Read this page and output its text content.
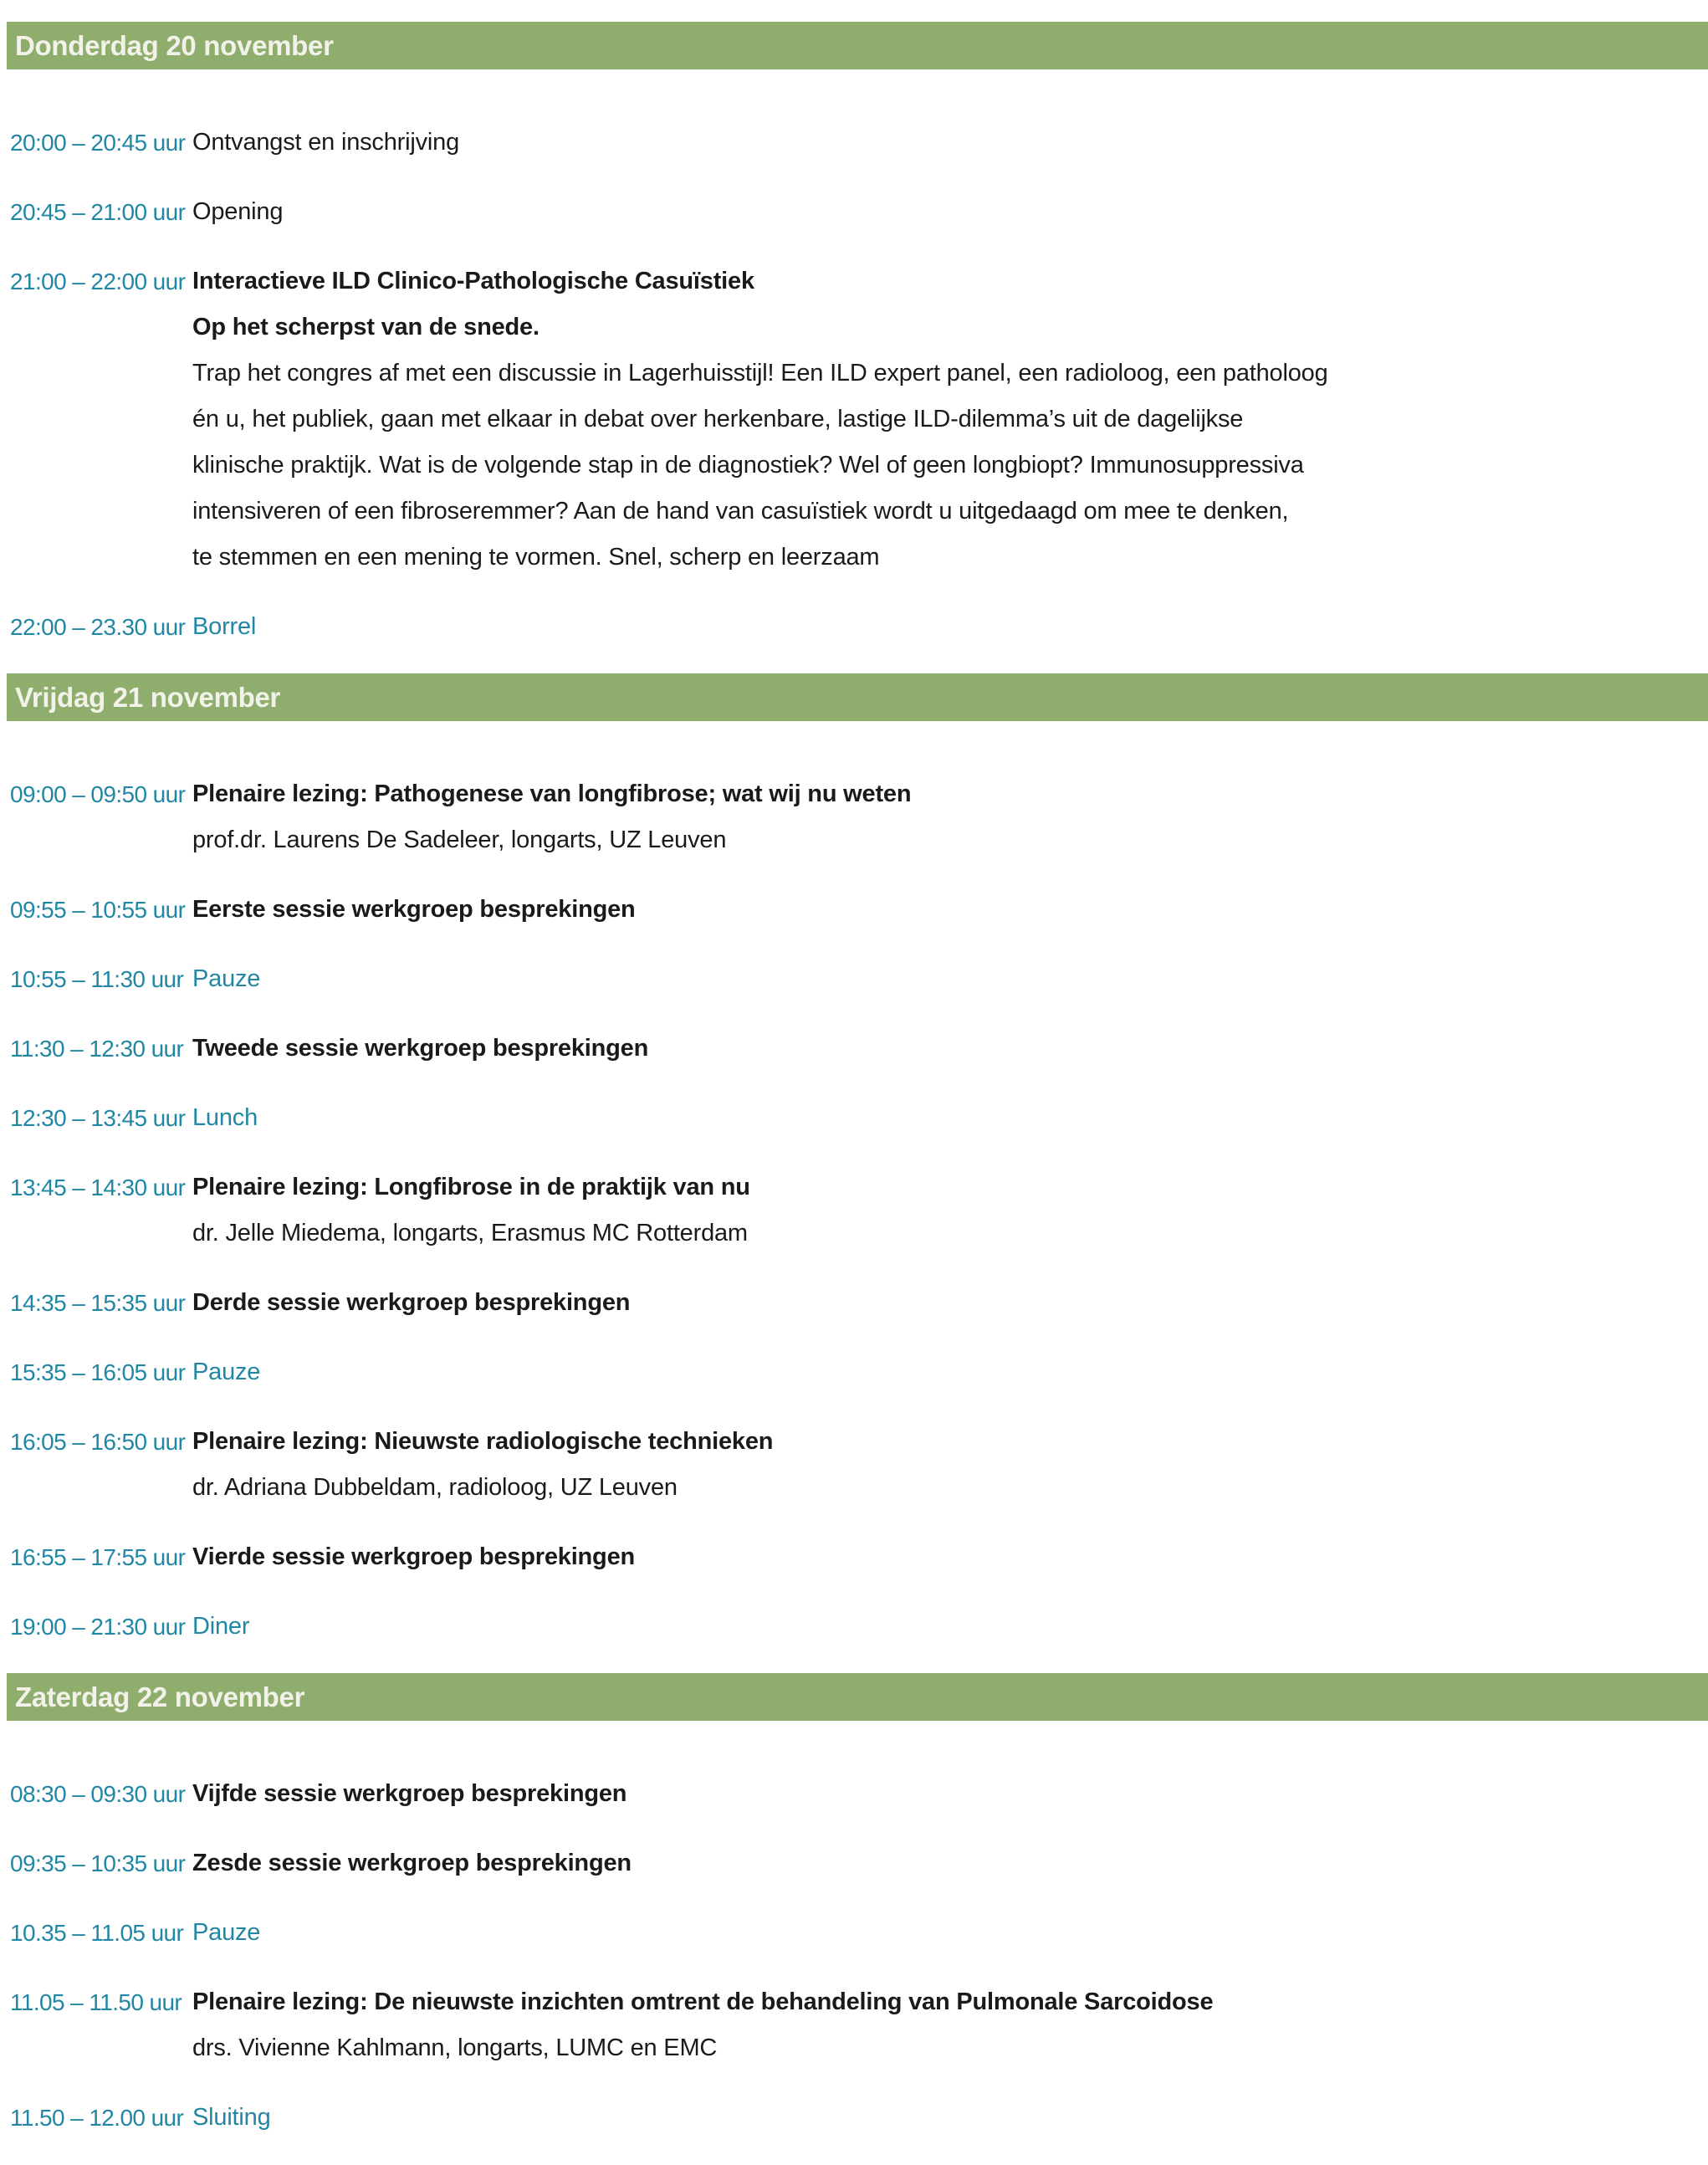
Donderdag 20 november
20:00 – 20:45 uur Ontvangst en inschrijving
20:45 – 21:00 uur Opening
21:00 – 22:00 uur Interactieve ILD Clinico-Pathologische Casuïstiek
Op het scherpst van de snede.
Trap het congres af met een discussie in Lagerhuisstijl! Een ILD expert panel, een radioloog, een patholoog
én u, het publiek, gaan met elkaar in debat over herkenbare, lastige ILD-dilemma’s uit de dagelijkse
klinische praktijk. Wat is de volgende stap in de diagnostiek? Wel of geen longbiopt? Immunosuppressiva
intensiveren of een fibroseremmer? Aan de hand van casuïstiek wordt u uitgedaagd om mee te denken,
te stemmen en een mening te vormen. Snel, scherp en leerzaam
22:00 – 23.30 uur Borrel
Vrijdag 21 november
09:00 – 09:50 uur Plenaire lezing: Pathogenese van longfibrose; wat wij nu weten
prof.dr. Laurens De Sadeleer, longarts, UZ Leuven
09:55 – 10:55 uur Eerste sessie werkgroep besprekingen
10:55 – 11:30 uur Pauze
11:30 – 12:30 uur Tweede sessie werkgroep besprekingen
12:30 – 13:45 uur Lunch
13:45 – 14:30 uur Plenaire lezing: Longfibrose in de praktijk van nu
dr. Jelle Miedema, longarts, Erasmus MC Rotterdam
14:35 – 15:35 uur Derde sessie werkgroep besprekingen
15:35 – 16:05 uur Pauze
16:05 – 16:50 uur Plenaire lezing: Nieuwste radiologische technieken
dr. Adriana Dubbeldam, radioloog, UZ Leuven
16:55 – 17:55 uur Vierde sessie werkgroep besprekingen
19:00 – 21:30 uur Diner
Zaterdag 22 november
08:30 – 09:30 uur Vijfde sessie werkgroep besprekingen
09:35 – 10:35 uur Zesde sessie werkgroep besprekingen
10.35 – 11.05 uur Pauze
11.05 – 11.50 uur Plenaire lezing: De nieuwste inzichten omtrent de behandeling van Pulmonale Sarcoidose
drs. Vivienne Kahlmann, longarts, LUMC en EMC
11.50 – 12.00 uur Sluiting
